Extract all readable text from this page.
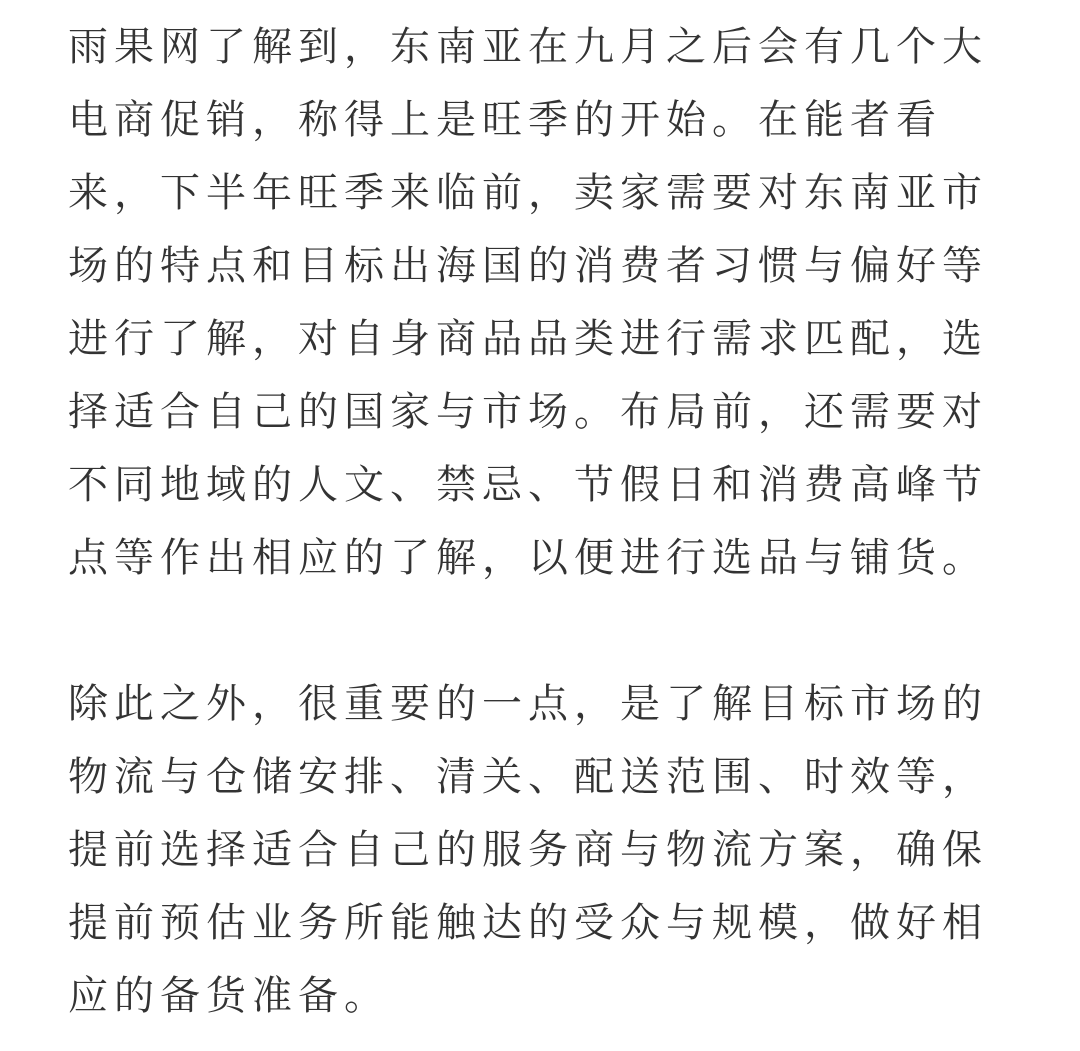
雨果网了解到，东南亚在九月之后会有几个大
电商促销，称得上是旺季的开始。在能者看
来，下半年旺季来临前，卖家需要对东南亚市
场的特点和目标出海国的消费者习惯与偏好等
进行了解，对自身商品品类进行需求匹配，选
择适合自己的国家与市场。布局前，还需要对
不同地域的人文、禁忌、节假日和消费高峰节
点等作出相应的了解，以便进行选品与铺货。
除此之外，很重要的一点，是了解目标市场的
物流与仓储安排、清关、配送范围、时效等，
提前选择适合自己的服务商与物流方案，确保
提前预估业务所能触达的受众与规模，做好相
应的备货准备。
